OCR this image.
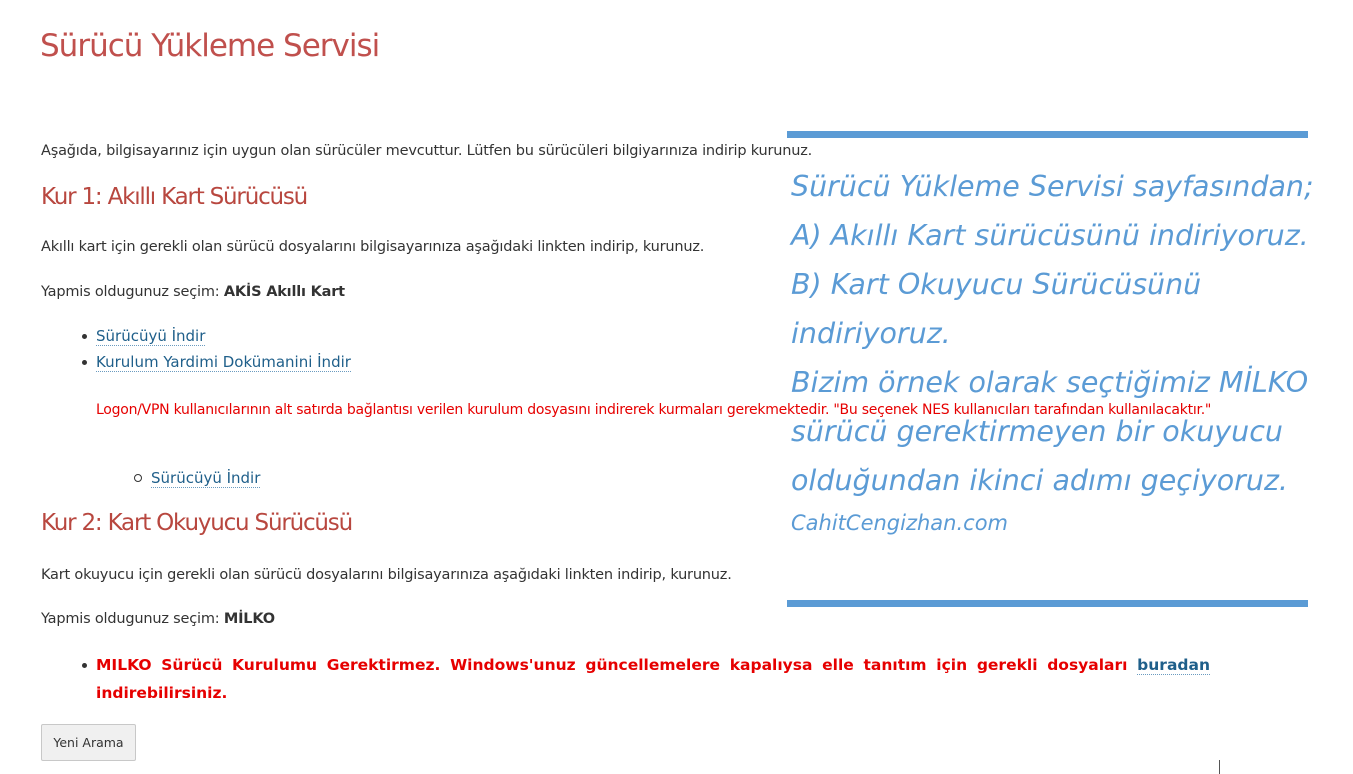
Sürücü Yükleme Servisi

Aşağıda, bilgisayarınız için uygun olan sürücüler mevcuttur. Lütfen bu sürücüleri bilgiyarınıza indirip kurunuz.

Kur 1: Akıllı Kart Sürücüsü

Akıllı kart için gerekli olan sürücü dosyalarını bilgisayarınıza aşağıdaki linkten indirip, kurunuz.

Yapmis oldugunuz seçim: AKİS Akıllı Kart

Sürücüyü İndir
Kurulum Yardimi Dokümanini İndir

Logon/VPN kullanıcılarının alt satırda bağlantısı verilen kurulum dosyasını indirerek kurmaları gerekmektedir. "Bu seçenek NES kullanıcıları tarafından kullanılacaktır."

Sürücüyü İndir
Kur 2: Kart Okuyucu Sürücüsü

Kart okuyucu için gerekli olan sürücü dosyalarını bilgisayarınıza aşağıdaki linkten indirip, kurunuz.

Yapmis oldugunuz seçim: MİLKO

MILKO Sürücü Kurulumu Gerektirmez. Windows'unuz güncellemelere kapalıysa elle tanıtım için gerekli dosyaları buradan indirebilirsiniz.
Yeni Arama
Sürücü Yükleme Servisi sayfasından;
A) Akıllı Kart sürücüsünü indiriyoruz.
B) Kart Okuyucu Sürücüsünü
indiriyoruz.
Bizim örnek olarak seçtiğimiz MİLKO
sürücü gerektirmeyen bir okuyucu
olduğundan ikinci adımı geçiyoruz.
CahitCengizhan.com
